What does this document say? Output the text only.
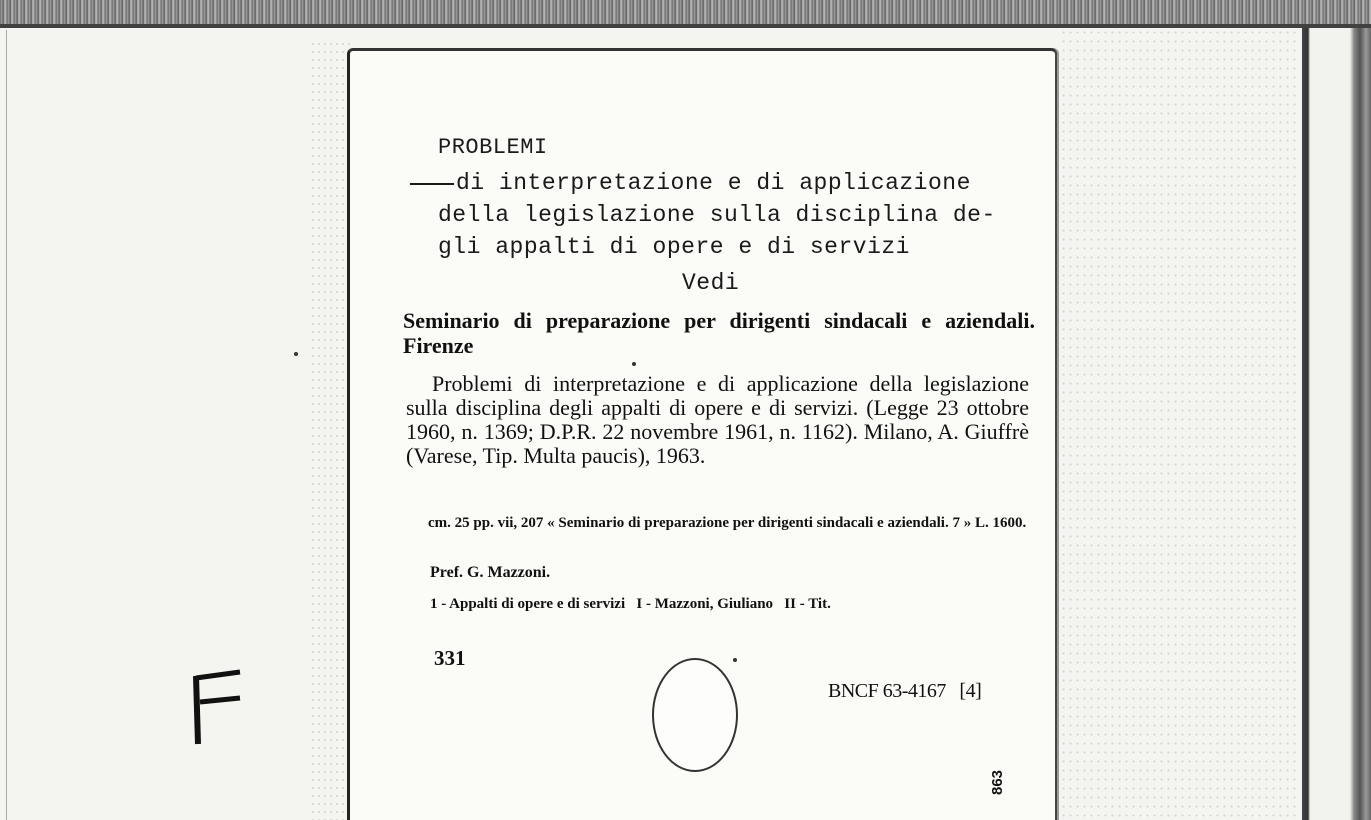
PROBLEMI
di interpretazione e di applicazione
della legislazione sulla disciplina de-
gli appalti di opere e di servizi
Vedi
Seminario di preparazione per dirigenti sindacali e aziendali. Firenze
Problemi di interpretazione e di applicazione della legislazione sulla disciplina degli appalti di opere e di servizi. (Legge 23 ottobre 1960, n. 1369; D.P.R. 22 novembre 1961, n. 1162). Milano, A. Giuffrè (Varese, Tip. Multa paucis), 1963.
cm. 25 pp. vii, 207 « Seminario di preparazione per dirigenti sindacali e aziendali. 7 » L. 1600.
Pref. G. Mazzoni.
1 - Appalti di opere e di servizi   I - Mazzoni, Giuliano   II - Tit.
331
BNCF 63-4167   [4]
863
